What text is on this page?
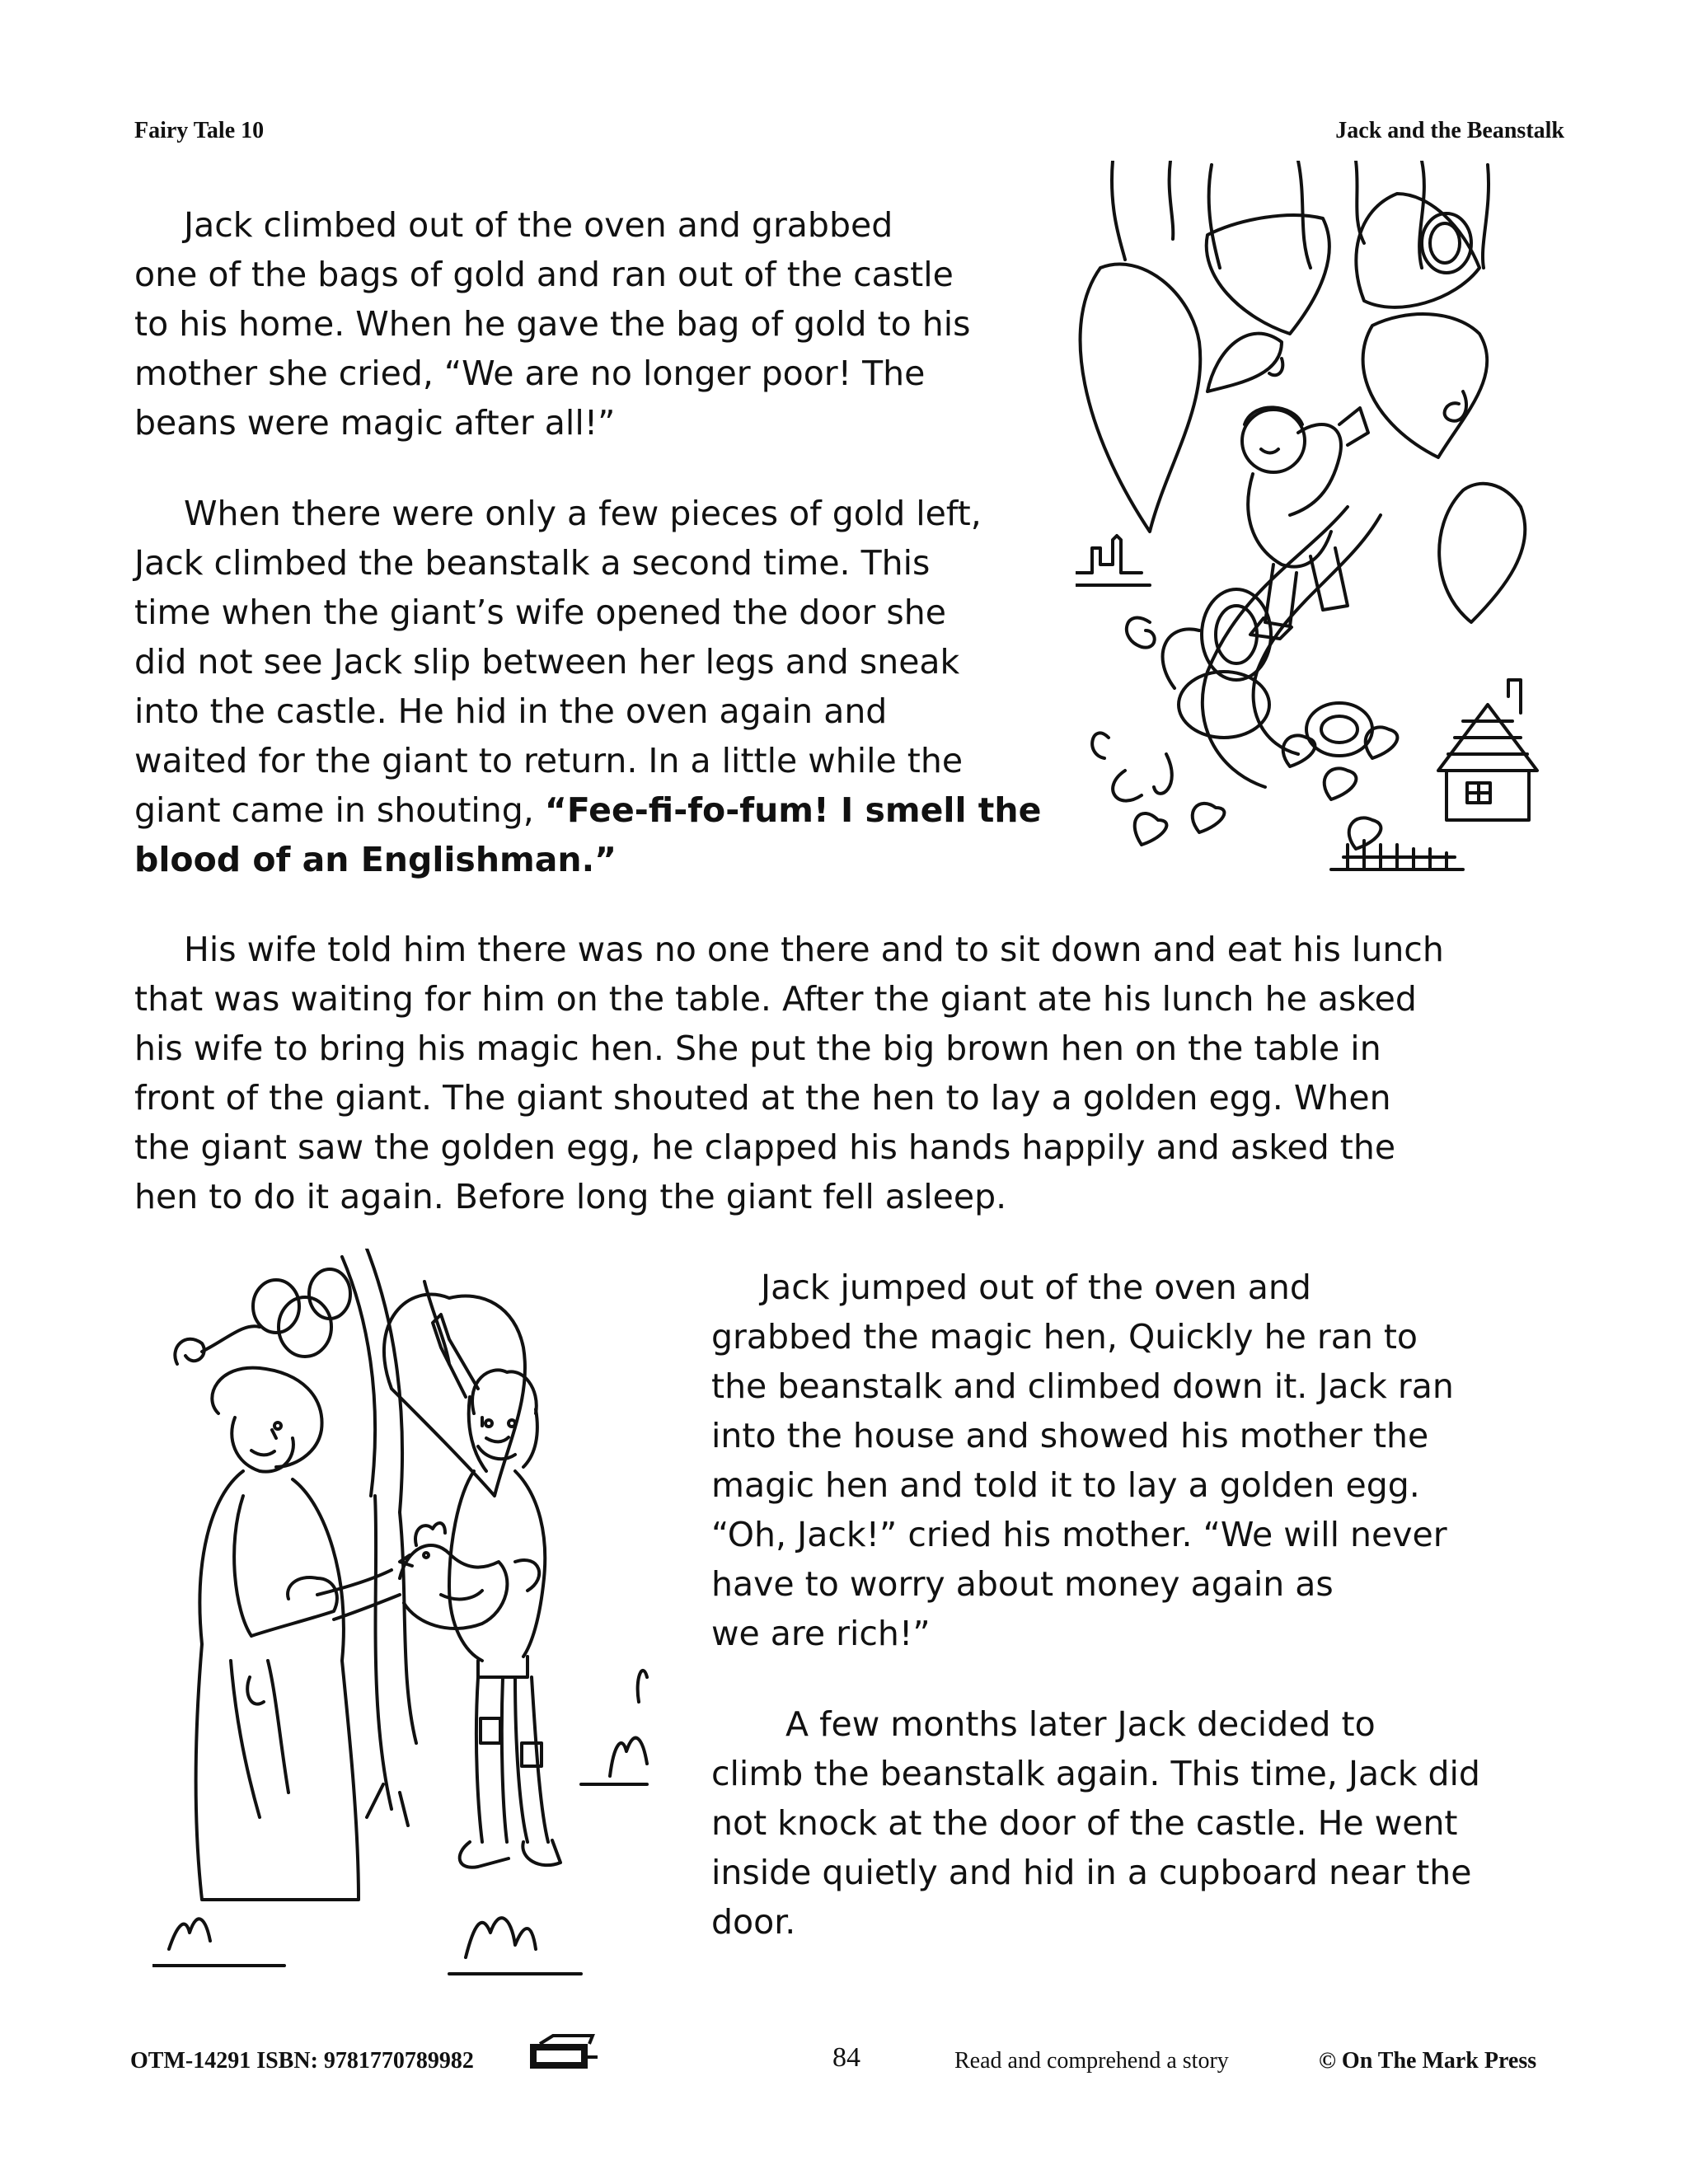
Fairy Tale 10	Jack and the Beanstalk
Jack climbed out of the oven and grabbed
one of the bags of gold and ran out of the castle
to his home. When he gave the bag of gold to his
mother she cried, “We are no longer poor! The
beans were magic after all!”
When there were only a few pieces of gold left,
Jack climbed the beanstalk a second time. This
time when the giant’s wife opened the door she
did not see Jack slip between her legs and sneak
into the castle. He hid in the oven again and
waited for the giant to return. In a little while the
giant came in shouting, “Fee-fi-fo-fum! I smell the
blood of an Englishman.”
His wife told him there was no one there and to sit down and eat his lunch
that was waiting for him on the table. After the giant ate his lunch he asked
his wife to bring his magic hen. She put the big brown hen on the table in
front of the giant. The giant shouted at the hen to lay a golden egg. When
the giant saw the golden egg, he clapped his hands happily and asked the
hen to do it again. Before long the giant fell asleep.
Jack jumped out of the oven and
grabbed the magic hen, Quickly he ran to
the beanstalk and climbed down it. Jack ran
into the house and showed his mother the
magic hen and told it to lay a golden egg.
“Oh, Jack!” cried his mother. “We will never
have to worry about money again as
we are rich!”
A few months later Jack decided to
climb the beanstalk again. This time, Jack did
not knock at the door of the castle. He went
inside quietly and hid in a cupboard near the
door.
OTM-14291 ISBN: 9781770789982	84	Read and comprehend a story	© On The Mark Press
